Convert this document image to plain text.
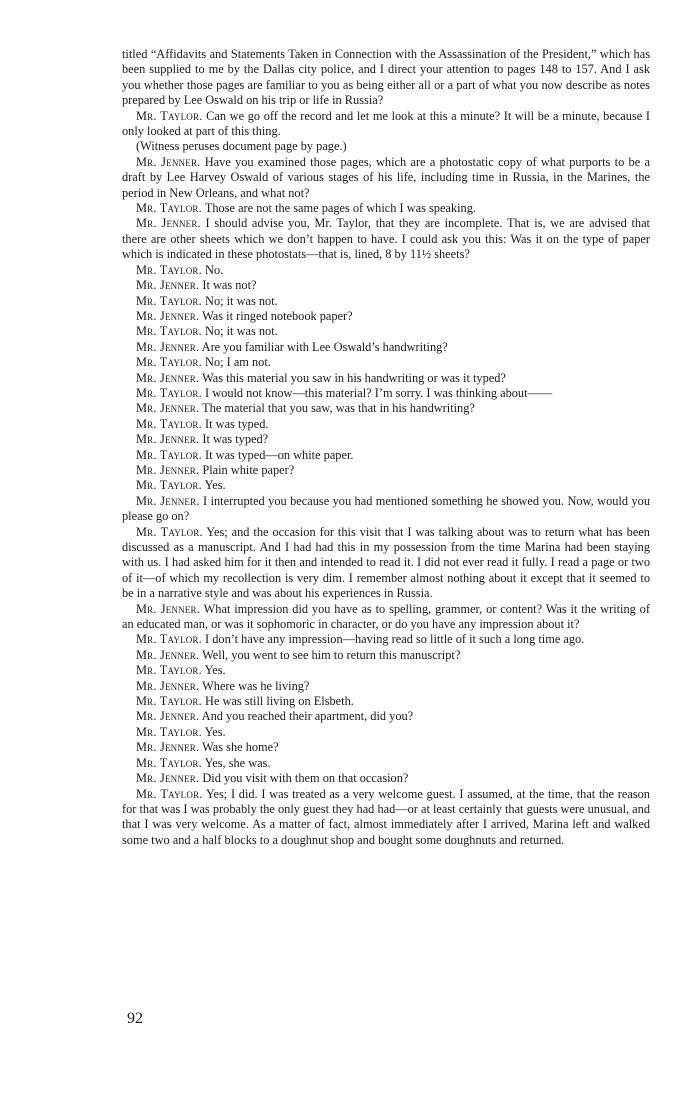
titled “Affidavits and Statements Taken in Connection with the Assassination of the President,” which has been supplied to me by the Dallas city police, and I direct your attention to pages 148 to 157. And I ask you whether those pages are familiar to you as being either all or a part of what you now describe as notes prepared by Lee Oswald on his trip or life in Russia?

Mr. Taylor. Can we go off the record and let me look at this a minute? It will be a minute, because I only looked at part of this thing.

(Witness peruses document page by page.)

Mr. Jenner. Have you examined those pages, which are a photostatic copy of what purports to be a draft by Lee Harvey Oswald of various stages of his life, including time in Russia, in the Marines, the period in New Orleans, and what not?

Mr. Taylor. Those are not the same pages of which I was speaking.

Mr. Jenner. I should advise you, Mr. Taylor, that they are incomplete. That is, we are advised that there are other sheets which we don’t happen to have. I could ask you this: Was it on the type of paper which is indicated in these photostats—that is, lined, 8 by 11½ sheets?

Mr. Taylor. No.

Mr. Jenner. It was not?

Mr. Taylor. No; it was not.

Mr. Jenner. Was it ringed notebook paper?

Mr. Taylor. No; it was not.

Mr. Jenner. Are you familiar with Lee Oswald’s handwriting?

Mr. Taylor. No; I am not.

Mr. Jenner. Was this material you saw in his handwriting or was it typed?

Mr. Taylor. I would not know—this material? I’m sorry. I was thinking about——

Mr. Jenner. The material that you saw, was that in his handwriting?

Mr. Taylor. It was typed.

Mr. Jenner. It was typed?

Mr. Taylor. It was typed—on white paper.

Mr. Jenner. Plain white paper?

Mr. Taylor. Yes.

Mr. Jenner. I interrupted you because you had mentioned something he showed you. Now, would you please go on?

Mr. Taylor. Yes; and the occasion for this visit that I was talking about was to return what has been discussed as a manuscript. And I had had this in my possession from the time Marina had been staying with us. I had asked him for it then and intended to read it. I did not ever read it fully. I read a page or two of it—of which my recollection is very dim. I remember almost nothing about it except that it seemed to be in a narrative style and was about his experiences in Russia.

Mr. Jenner. What impression did you have as to spelling, grammer, or content? Was it the writing of an educated man, or was it sophomoric in character, or do you have any impression about it?

Mr. Taylor. I don’t have any impression—having read so little of it such a long time ago.

Mr. Jenner. Well, you went to see him to return this manuscript?

Mr. Taylor. Yes.

Mr. Jenner. Where was he living?

Mr. Taylor. He was still living on Elsbeth.

Mr. Jenner. And you reached their apartment, did you?

Mr. Taylor. Yes.

Mr. Jenner. Was she home?

Mr. Taylor. Yes, she was.

Mr. Jenner. Did you visit with them on that occasion?

Mr. Taylor. Yes; I did. I was treated as a very welcome guest. I assumed, at the time, that the reason for that was I was probably the only guest they had had—or at least certainly that guests were unusual, and that I was very welcome. As a matter of fact, almost immediately after I arrived, Marina left and walked some two and a half blocks to a doughnut shop and bought some doughnuts and returned.

92
